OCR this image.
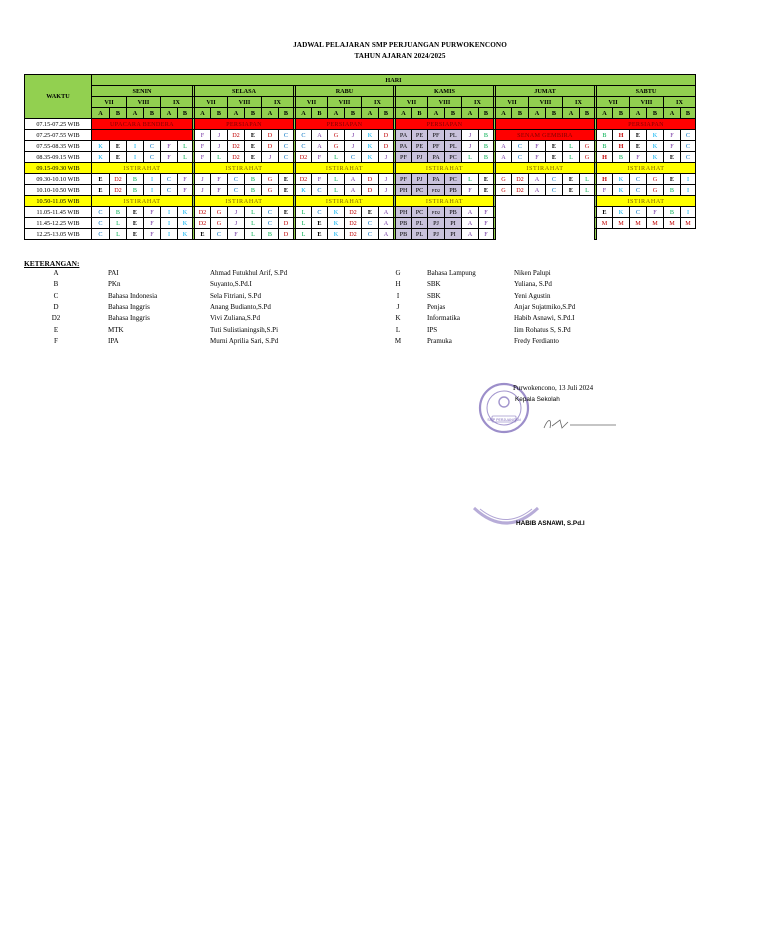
JADWAL PELAJARAN SMP PERJUANGAN PURWOKENCONO
TAHUN AJARAN 2024/2025
WAKTU	HARI																																								
	SENIN							SELASA							RABU							KAMIS							JUMAT							SABTU					
	VII		VIII		IX			VII		VIII		IX			VII		VIII		IX			VII		VIII		IX			VII		VIII		IX			VII		VIII		IX	
	A	B	A	B	A	B		A	B	A	B	A	B		A	B	A	B	A	B		A	B	A	B	A	B		A	B	A	B	A	B		A	B	A	B	A	B
07.15-07.25 WIB	UPACARA BENDERA							PERSIAPAN							PERSIAPAN							PERSIAPAN														PERSIAPAN					
07.25-07.55 WIB	UPACARA BENDERA							F	J	D2	E	D	C		C	A	G	J	K	D		PA	PE	PF	PL	J	B		SENAM GEMBIRA							B	H	E	K	F	C
07.55-08.35 WIB	K	E	I	C	F	L		F	J	D2	E	D	C		C	A	G	J	K	D		PA	PE	PF	PL	J	B		A	C	F	E	L	G		B	H	E	K	F	C
08.35-09.15 WIB	K	E	I	C	F	L		F	L	D2	E	J	C		D2	F	L	C	K	J		PF	PJ	PA	PC	L	B		A	C	F	E	L	G		H	B	F	K	E	C
09.15-09.30 WIB	ISTIRAHAT							ISTIRAHAT							ISTIRAHAT							ISTIRAHAT							ISTIRAHAT							ISTIRAHAT					
09.30-10.10 WIB	E	D2	B	I	C	F		J	F	C	B	G	E		D2	F	L	A	D	J		PF	PJ	PA	PC	L	E		G	D2	A	C	E	L		H	K	C	G	E	I
10.10-10.50 WIB	E	D2	B	I	C	F		J	F	C	B	G	E		K	C	L	A	D	J		PH	PC	PD2	PB	F	E		G	D2	A	C	E	L		F	K	C	G	B	I
10.50-11.05 WIB	ISTIRAHAT							ISTIRAHAT							ISTIRAHAT							ISTIRAHAT														ISTIRAHAT					
11.05-11.45 WIB	C	B	E	F	I	K		D2	G	J	L	C	E		L	C	K	D2	E	A		PH	PC	PD2	PB	A	F									E	K	C	F	B	I
11.45-12.25 WIB	C	L	E	F	I	K		D2	G	J	L	C	D		L	E	K	D2	C	A		PB	PL	PJ	PI	A	F									M	M	M	M	M	M
12.25-13.05 WIB	C	L	E	F	I	K		E	C	F	L	B	D		L	E	K	D2	C	A		PB	PL	PJ	PI	A	F														
KETERANGAN:
A	PAI	Ahmad Futukhul Arif, S.Pd
B	PKn	Suyanto,S.Pd.I
C	Bahasa Indonesia	Sela Fitriani, S.Pd
D	Bahasa Inggris	Anang Budianto,S.Pd
D2	Bahasa Inggris	Vivi Zuliana,S.Pd
E	MTK	Tuti Sulistianingsih,S.Pi
F	IPA	Murni Aprilia Sari, S.Pd
G	Bahasa Lampung	Niken Palupi
H	SBK	Yuliana, S.Pd
I	SBK	Yeni Agustin
J	Penjas	Anjar Sujatmiko,S.Pd
K	Informatika	Habib Asnawi, S.Pd.I
L	IPS	Iim Rohatus S, S.Pd
M	Pramuka	Fredy Ferdianto
SMP PERJUANGAN
Purwokencono, 13 Juli 2024
Kepala Sekolah
HABIB ASNAWI, S.Pd.I
